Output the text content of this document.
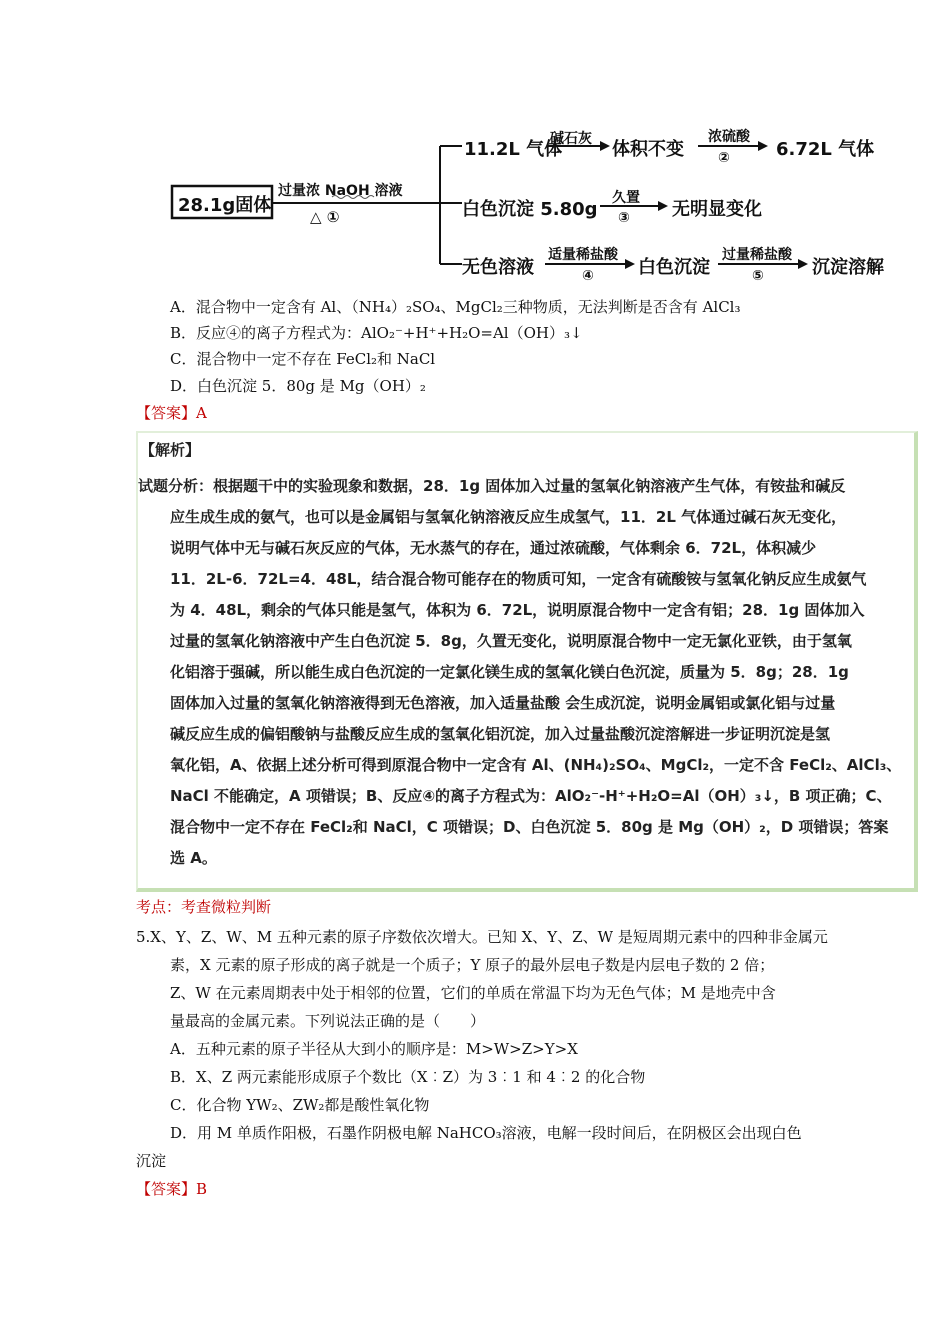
28.1g固体
过量浓 NaOH 溶液
△ ①
11.2L 气体
碱石灰 体积不变
浓硫酸
②	6.72L 气体
白色沉淀 5.80g
久置
③ 无明显变化
无色溶液
适量稀盐酸
④ 白色沉淀
过量稀盐酸
⑤	沉淀溶解
A．混合物中一定含有 Al、（NH₄）₂SO₄、MgCl₂三种物质，无法判断是否含有 AlCl₃
B．反应④的离子方程式为：AlO₂⁻+H⁺+H₂O=Al（OH）₃↓
C．混合物中一定不存在 FeCl₂和 NaCl
D．白色沉淀 5．80g 是 Mg（OH）₂
【答案】A
【解析】
试题分析：根据题干中的实验现象和数据，28．1g 固体加入过量的氢氧化钠溶液产生气体，有铵盐和碱反
应生成生成的氨气，也可以是金属铝与氢氧化钠溶液反应生成氢气，11．2L 气体通过碱石灰无变化，
说明气体中无与碱石灰反应的气体，无水蒸气的存在，通过浓硫酸，气体剩余 6．72L，体积减少
11．2L-6．72L=4．48L，结合混合物可能存在的物质可知，一定含有硫酸铵与氢氧化钠反应生成氨气
为 4．48L，剩余的气体只能是氢气，体积为 6．72L，说明原混合物中一定含有铝；28．1g 固体加入
过量的氢氧化钠溶液中产生白色沉淀 5．8g，久置无变化，说明原混合物中一定无氯化亚铁，由于氢氧
化铝溶于强碱，所以能生成白色沉淀的一定氯化镁生成的氢氧化镁白色沉淀，质量为 5．8g；28．1g
固体加入过量的氢氧化钠溶液得到无色溶液，加入适量盐酸 会生成沉淀，说明金属铝或氯化铝与过量
碱反应生成的偏铝酸钠与盐酸反应生成的氢氧化铝沉淀，加入过量盐酸沉淀溶解进一步证明沉淀是氢
氧化铝，A、依据上述分析可得到原混合物中一定含有 Al、(NH₄)₂SO₄、MgCl₂，一定不含 FeCl₂、AlCl₃、
NaCl 不能确定，A 项错误；B、反应④的离子方程式为：AlO₂⁻-H⁺+H₂O=Al（OH）₃↓，B 项正确；C、
混合物中一定不存在 FeCl₂和 NaCl，C 项错误；D、白色沉淀 5．80g 是 Mg（OH）₂，D 项错误；答案
选 A。
考点：考查微粒判断
5.X、Y、Z、W、M 五种元素的原子序数依次增大。已知 X、Y、Z、W 是短周期元素中的四种非金属元
素，X 元素的原子形成的离子就是一个质子；Y 原子的最外层电子数是内层电子数的 2 倍；
Z、W 在元素周期表中处于相邻的位置，它们的单质在常温下均为无色气体；M 是地壳中含
量最高的金属元素。下列说法正确的是（　　）
A．五种元素的原子半径从大到小的顺序是：M>W>Z>Y>X
B．X、Z 两元素能形成原子个数比（X︰Z）为 3︰1 和 4︰2 的化合物
C．化合物 YW₂、ZW₂都是酸性氧化物
D．用 M 单质作阳极，石墨作阴极电解 NaHCO₃溶液，电解一段时间后，在阴极区会出现白色
沉淀
【答案】B
